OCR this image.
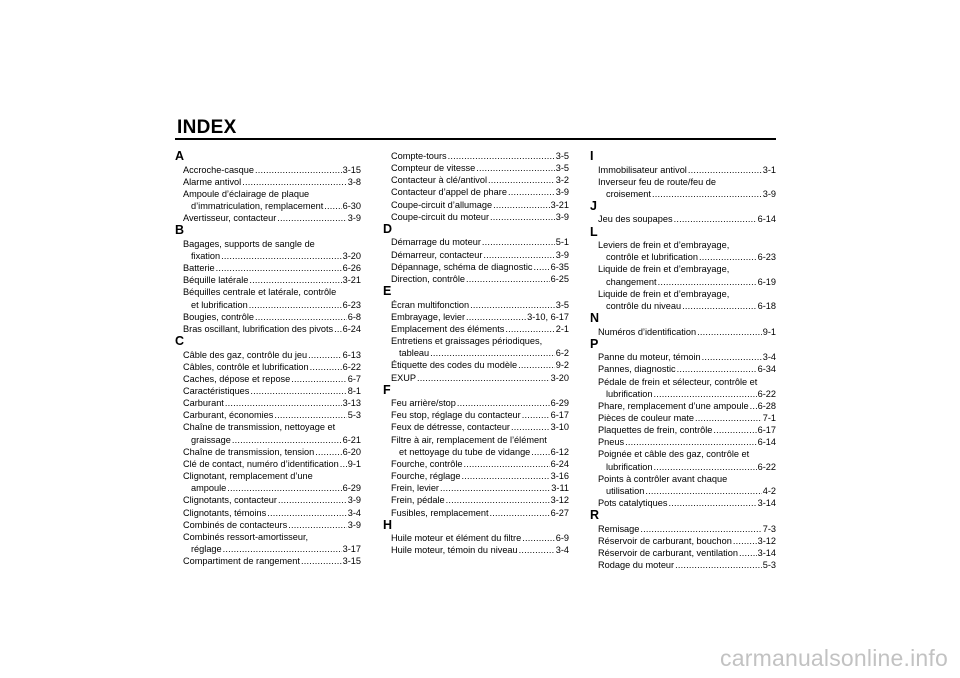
INDEX
A
Accroche-casque .....	3-15
Alarme antivol .....	3-8
Ampoule d’éclairage de plaque
d’immatriculation, remplacement ..... 6-30
Avertisseur, contacteur .....	3-9
B
Bagages, supports de sangle de
fixation .....	3-20
Batterie .....	6-26
Béquille latérale .....	3-21
Béquilles centrale et latérale, contrôle
et lubrification .....	6-23
Bougies, contrôle .....	6-8
Bras oscillant, lubrification des pivots ..... 6-24
C
Câble des gaz, contrôle du jeu .....	6-13
Câbles, contrôle et lubrification .....	6-22
Caches, dépose et repose .....	6-7
Caractéristiques .....	8-1
Carburant .....	3-13
Carburant, économies .....	5-3
Chaîne de transmission, nettoyage et
graissage .....	6-21
Chaîne de transmission, tension .....	6-20
Clé de contact, numéro d’identification ..... 9-1
Clignotant, remplacement d’une
ampoule .....	6-29
Clignotants, contacteur .....	3-9
Clignotants, témoins .....	3-4
Combinés de contacteurs .....	3-9
Combinés ressort-amortisseur,
réglage .....	3-17
Compartiment de rangement .....	3-15
Compte-tours .....	3-5
Compteur de vitesse .....	3-5
Contacteur à clé/antivol .....	3-2
Contacteur d’appel de phare .....	3-9
Coupe-circuit d’allumage .....	3-21
Coupe-circuit du moteur .....	3-9
D
Démarrage du moteur .....	5-1
Démarreur, contacteur .....	3-9
Dépannage, schéma de diagnostic ..... 6-35
Direction, contrôle .....	6-25
E
Écran multifonction .....	3-5
Embrayage, levier .....	3-10, 6-17
Emplacement des éléments .....	2-1
Entretiens et graissages périodiques,
tableau .....	6-2
Étiquette des codes du modèle .....	9-2
EXUP .....	3-20
F
Feu arrière/stop .....	6-29
Feu stop, réglage du contacteur .....	6-17
Feux de détresse, contacteur .....	3-10
Filtre à air, remplacement de l’élément
et nettoyage du tube de vidange ..... 6-12
Fourche, contrôle .....	6-24
Fourche, réglage .....	3-16
Frein, levier .....	3-11
Frein, pédale .....	3-12
Fusibles, remplacement .....	6-27
H
Huile moteur et élément du filtre .....	6-9
Huile moteur, témoin du niveau .....	3-4
I
Immobilisateur antivol .....	3-1
Inverseur feu de route/feu de
croisement .....	3-9
J
Jeu des soupapes .....	6-14
L
Leviers de frein et d’embrayage,
contrôle et lubrification .....	6-23
Liquide de frein et d’embrayage,
changement .....	6-19
Liquide de frein et d’embrayage,
contrôle du niveau .....	6-18
N
Numéros d’identification .....	9-1
P
Panne du moteur, témoin .....	3-4
Pannes, diagnostic .....	6-34
Pédale de frein et sélecteur, contrôle et
lubrification .....	6-22
Phare, remplacement d’une ampoule ..... 6-28
Pièces de couleur mate .....	7-1
Plaquettes de frein, contrôle .....	6-17
Pneus .....	6-14
Poignée et câble des gaz, contrôle et
lubrification .....	6-22
Points à contrôler avant chaque
utilisation .....	4-2
Pots catalytiques .....	3-14
R
Remisage .....	7-3
Réservoir de carburant, bouchon .....	3-12
Réservoir de carburant, ventilation ..... 3-14
Rodage du moteur .....	5-3
carmanualsonline.info
